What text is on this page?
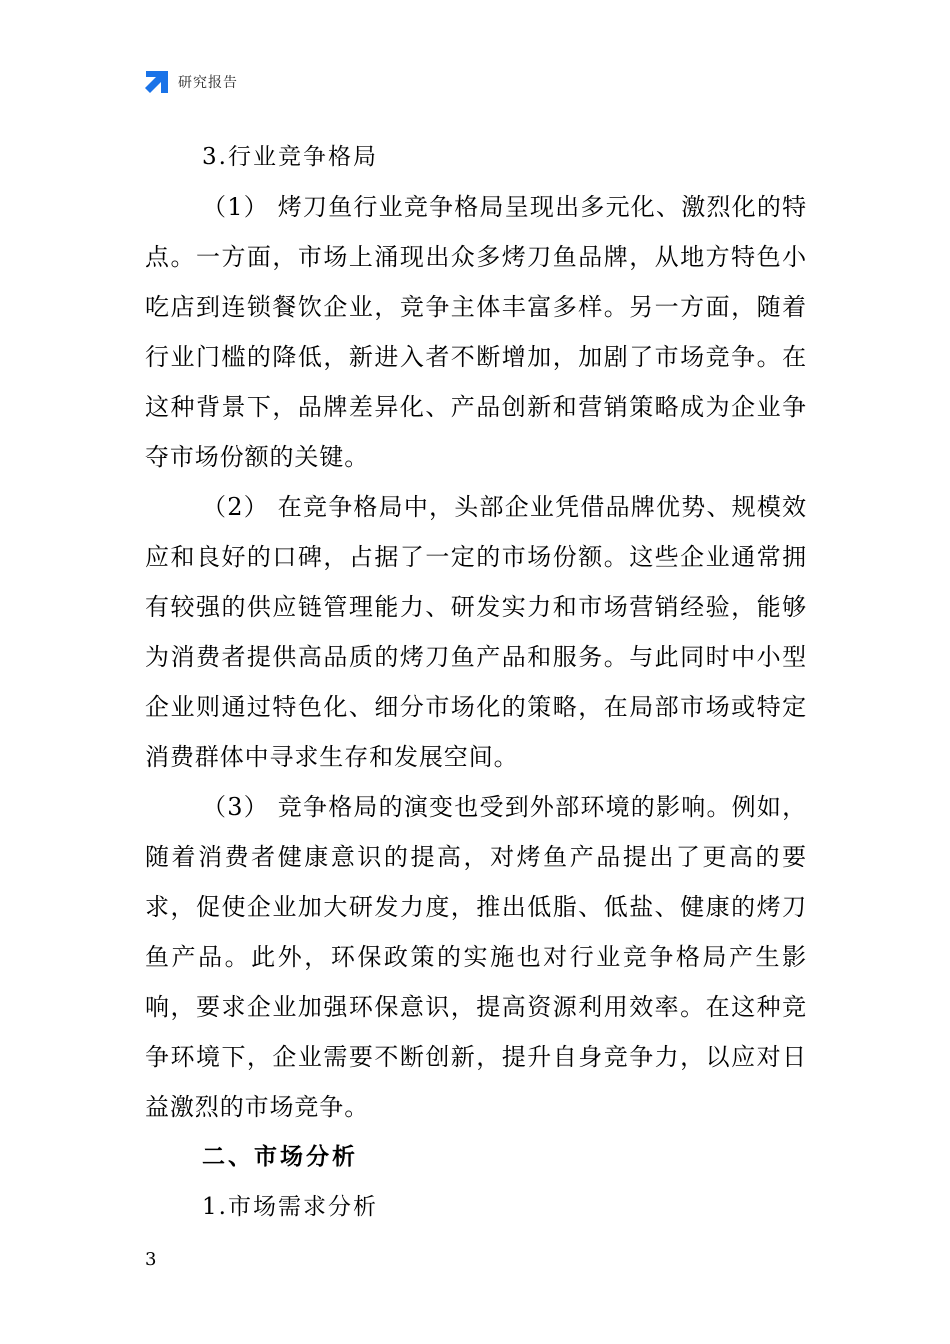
研究报告
3.行业竞争格局

（1） 烤刀鱼行业竞争格局呈现出多元化、激烈化的特点。一方面，市场上涌现出众多烤刀鱼品牌，从地方特色小吃店到连锁餐饮企业，竞争主体丰富多样。另一方面，随着行业门槛的降低，新进入者不断增加，加剧了市场竞争。在这种背景下，品牌差异化、产品创新和营销策略成为企业争夺市场份额的关键。

（2） 在竞争格局中，头部企业凭借品牌优势、规模效应和良好的口碑，占据了一定的市场份额。这些企业通常拥有较强的供应链管理能力、研发实力和市场营销经验，能够为消费者提供高品质的烤刀鱼产品和服务。与此同时中小型企业则通过特色化、细分市场化的策略，在局部市场或特定消费群体中寻求生存和发展空间。

（3） 竞争格局的演变也受到外部环境的影响。例如，随着消费者健康意识的提高，对烤鱼产品提出了更高的要求，促使企业加大研发力度，推出低脂、低盐、健康的烤刀鱼产品。此外，环保政策的实施也对行业竞争格局产生影响，要求企业加强环保意识，提高资源利用效率。在这种竞争环境下，企业需要不断创新，提升自身竞争力，以应对日益激烈的市场竞争。

二、市场分析
1.市场需求分析
3
